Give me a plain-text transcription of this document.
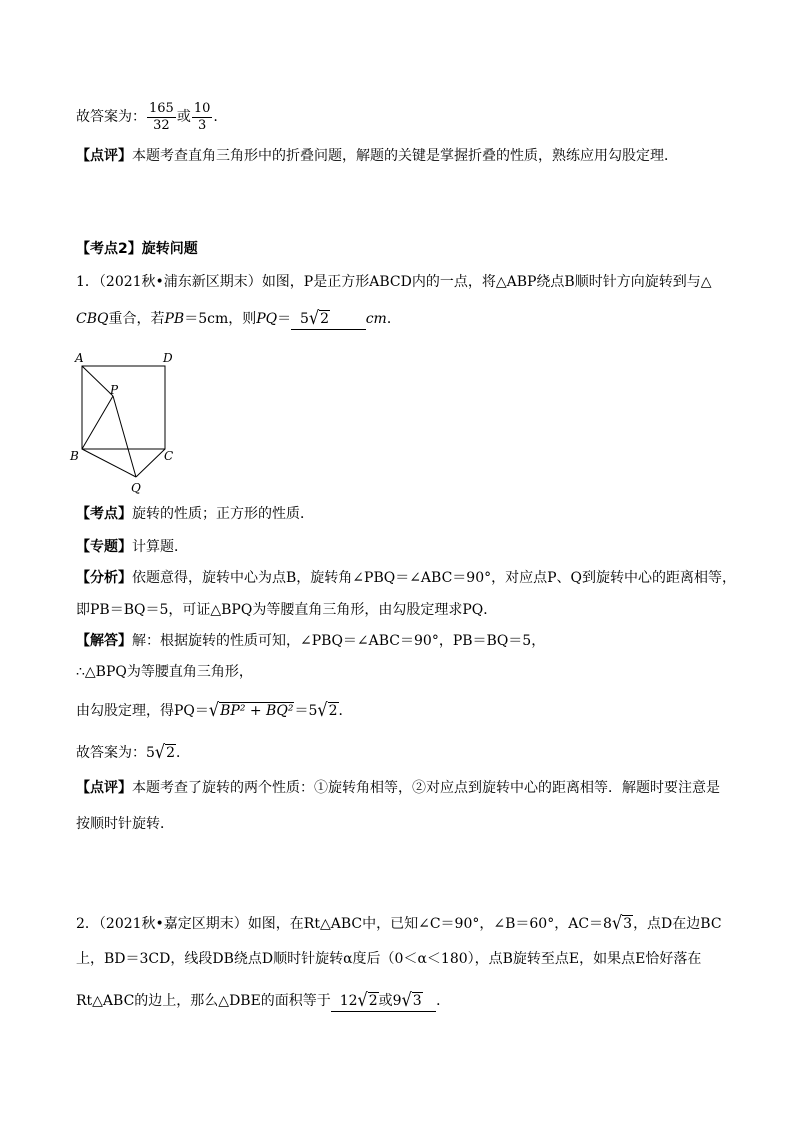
故答案为： $\frac{165}{32}$ 或 $\frac{10}{3}$ .
【点评】本题考查直角三角形中的折叠问题，解题的关键是掌握折叠的性质，熟练应用勾股定理．
【考点2】旋转问题
1．（2021秋•浦东新区期末）如图，P是正方形ABCD内的一点，将△ABP绕点B顺时针方向旋转到与△
CBQ重合，若PB＝5cm，则PQ＝ 5√2	cm．
A	D
P
B	C
Q
【考点】旋转的性质；正方形的性质．
【专题】计算题．
【分析】依题意得，旋转中心为点B，旋转角∠PBQ＝∠ABC＝90°，对应点P、Q到旋转中心的距离相等，
即PB＝BQ＝5，可证△BPQ为等腰直角三角形，由勾股定理求PQ．
【解答】解：根据旋转的性质可知，∠PBQ＝∠ABC＝90°，PB＝BQ＝5，
∴△BPQ为等腰直角三角形，
由勾股定理，得PQ＝√BP² + BQ²＝5√2．
故答案为：5√2．
【点评】本题考查了旋转的两个性质：①旋转角相等，②对应点到旋转中心的距离相等．解题时要注意是
按顺时针旋转．
2．（2021秋•嘉定区期末）如图，在Rt△ABC中，已知∠C＝90°，∠B＝60°，AC＝8√3，点D在边BC
上，BD＝3CD，线段DB绕点D顺时针旋转α度后（0＜α＜180），点B旋转至点E，如果点E恰好落在
Rt△ABC的边上，那么△DBE的面积等于 12√2或9√3 ．
